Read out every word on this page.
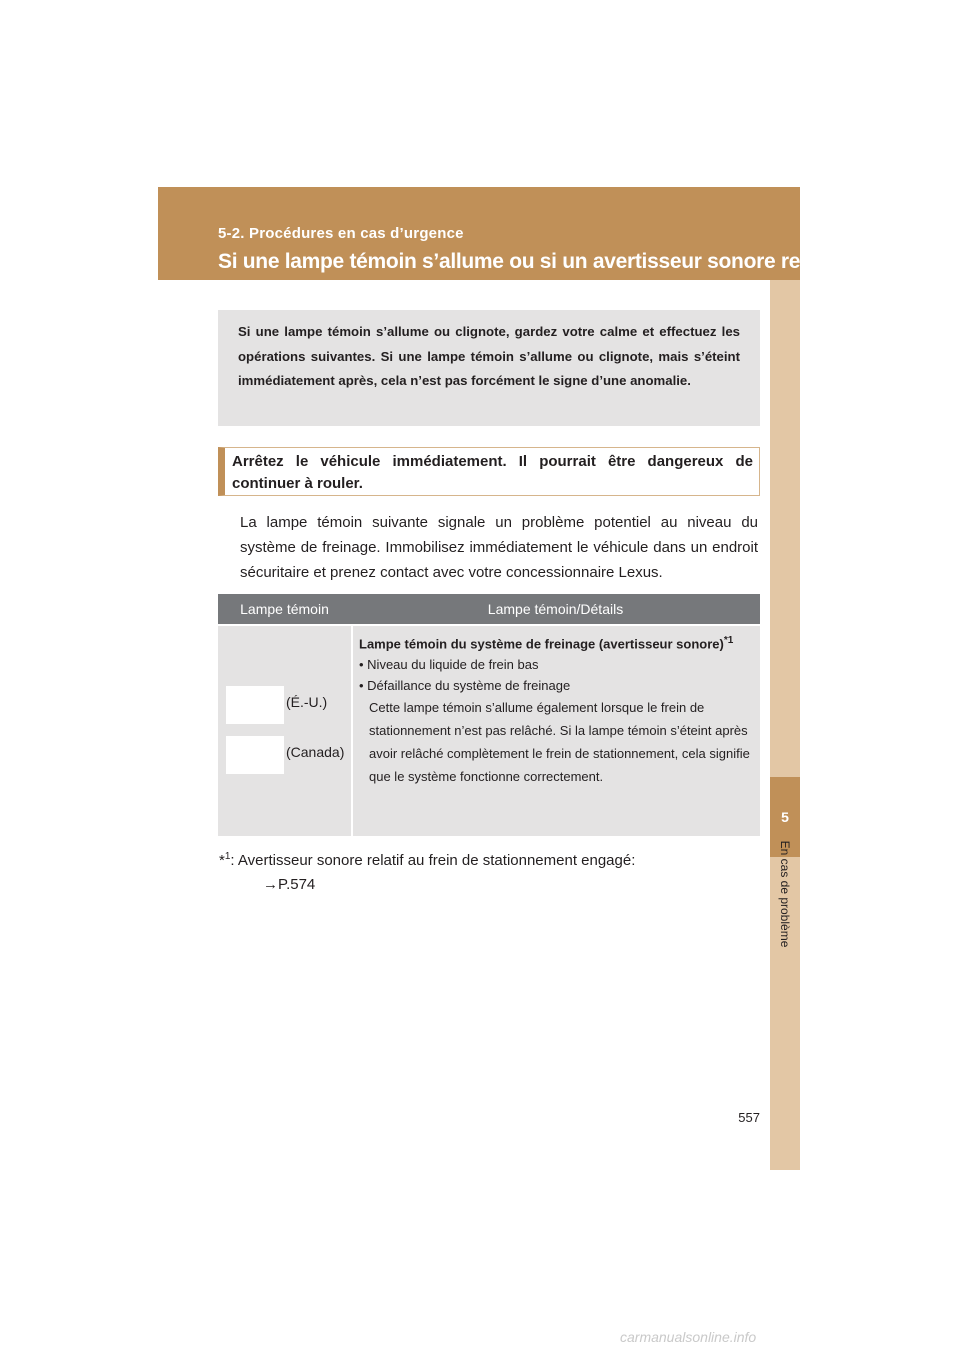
5-2. Procédures en cas d’urgence
Si une lampe témoin s’allume ou si un avertisseur sonore retentit...
5
En cas de problème
Si une lampe témoin s’allume ou clignote, gardez votre calme et effectuez les opérations suivantes. Si une lampe témoin s’allume ou clignote, mais s’éteint immédiatement après, cela n’est pas forcément le signe d’une anomalie.
Arrêtez le véhicule immédiatement. Il pourrait être dangereux de continuer à rouler.
La lampe témoin suivante signale un problème potentiel au niveau du système de freinage. Immobilisez immédiatement le véhicule dans un endroit sécuritaire et prenez contact avec votre concessionnaire Lexus.
Lampe témoin	Lampe témoin/Détails
(É.-U.)
(Canada)
Lampe témoin du système de freinage (avertisseur sonore)$^{*1}$

• Niveau du liquide de frein bas

• Défaillance du système de freinage

Cette lampe témoin s’allume également lorsque le frein de stationnement n’est pas relâché. Si la lampe témoin s’éteint après avoir relâché complètement le frein de stationnement, cela signifie que le système fonctionne correctement.
*$^1$: Avertisseur sonore relatif au frein de stationnement engagé:
→P.574
557
carmanualsonline.info
